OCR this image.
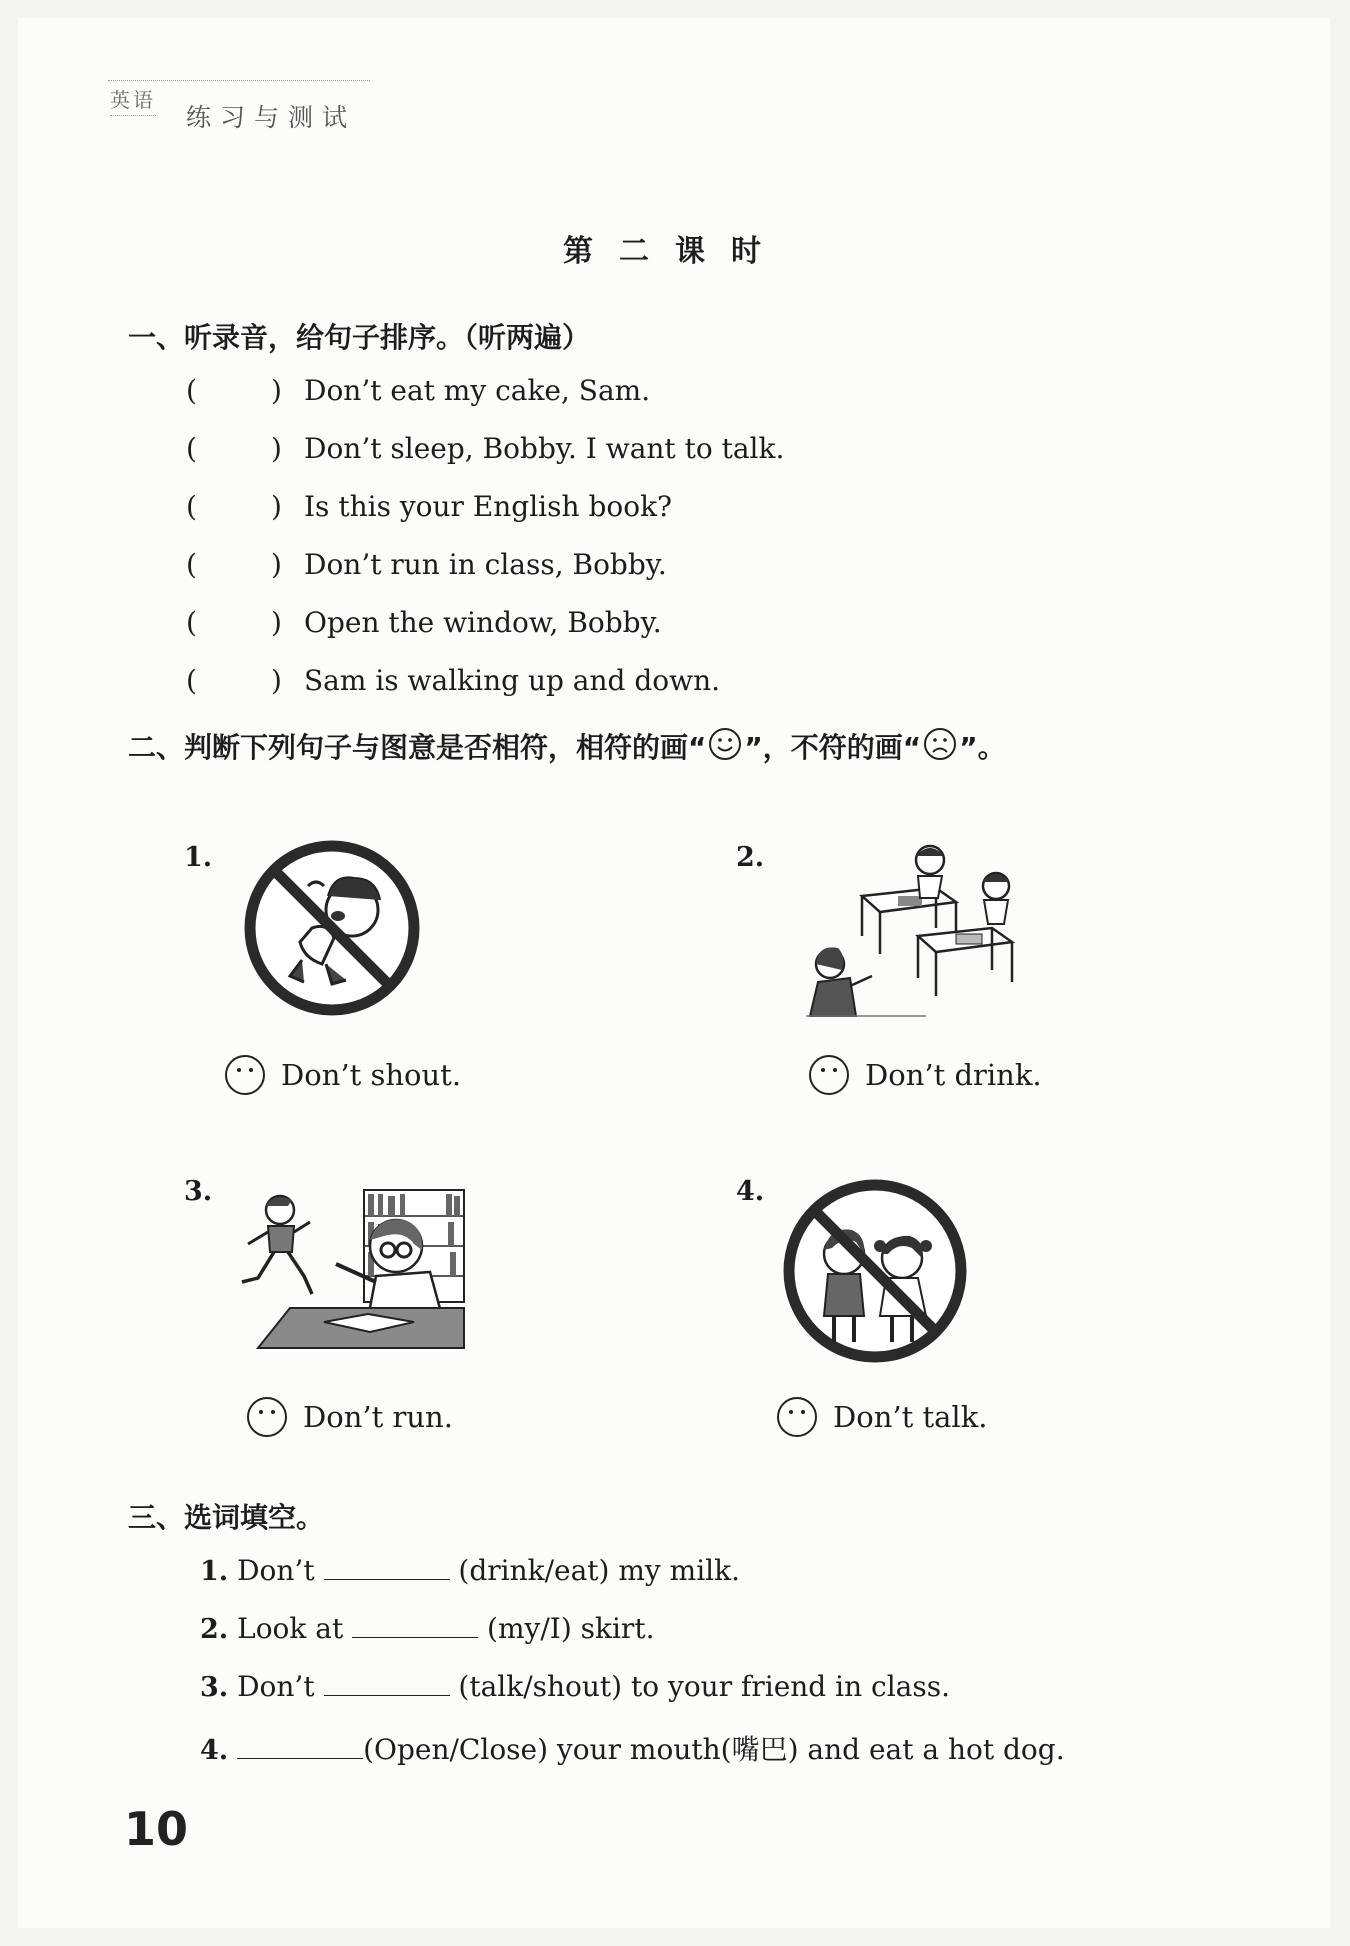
英语
练习与测试
第二课时
一、听录音，给句子排序。（听两遍）
(	) Don’t eat my cake, Sam.
(	) Don’t sleep, Bobby. I want to talk.
(	) Is this your English book?
(	) Don’t run in class, Bobby.
(	) Open the window, Bobby.
(	) Sam is walking up and down.
二、判断下列句子与图意是否相符，相符的画“ ”，不符的画“ ”。
1.
Don’t shout.
2.
Don’t drink.
3.
Don’t run.
4.
Don’t talk.
三、选词填空。
1. Don’t	(drink/eat) my milk.
2. Look at	(my/I) skirt.
3. Don’t	(talk/shout) to your friend in class.
4.	(Open/Close) your mouth(嘴巴) and eat a hot dog.
10
